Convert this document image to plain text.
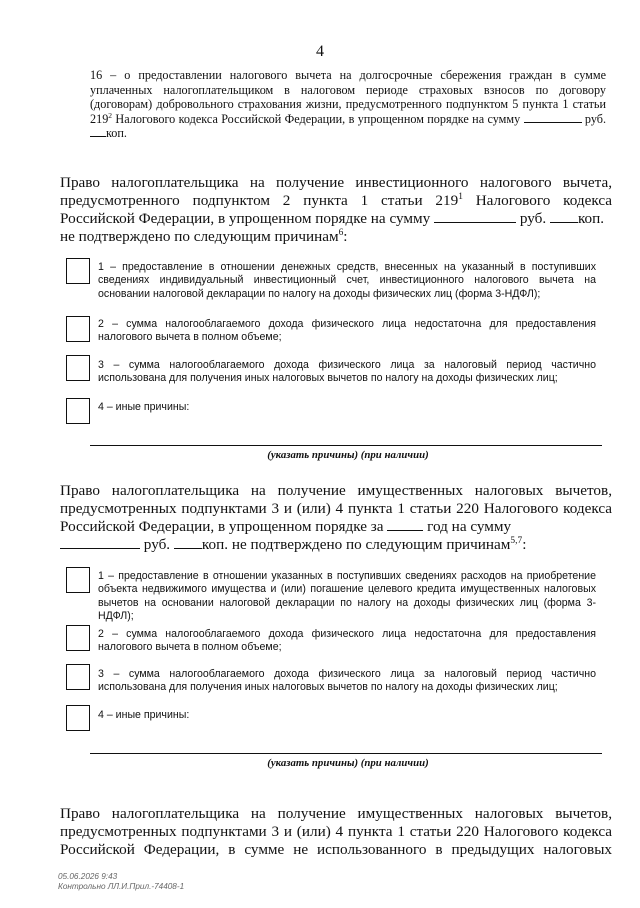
4
16 – о предоставлении налогового вычета на долгосрочные сбережения граждан в сумме уплаченных налогоплательщиком в налоговом периоде страховых взносов по договору (договорам) добровольного страхования жизни, предусмотренного подпунктом 5 пункта 1 статьи $219^2$ Налогового кодекса Российской Федерации, в упрощенном порядке на сумму	руб. коп.
Право налогоплательщика на получение инвестиционного налогового вычета, предусмотренного подпунктом 2 пункта 1 статьи $219^1$ Налогового кодекса Российской Федерации, в упрощенном порядке на сумму	руб. коп.
не подтверждено по следующим причинам$^6$:
1 – предоставление в отношении денежных средств, внесенных на указанный в поступивших сведениях индивидуальный инвестиционный счет, инвестиционного налогового вычета на основании налоговой декларации по налогу на доходы физических лиц (форма 3-НДФЛ);
2 – сумма налогооблагаемого дохода физического лица недостаточна для предоставления налогового вычета в полном объеме;
3 – сумма налогооблагаемого дохода физического лица за налоговый период частично использована для получения иных налоговых вычетов по налогу на доходы физических лиц;
4 – иные причины:
(указать причины) (при наличии)
Право налогоплательщика на получение имущественных налоговых вычетов, предусмотренных подпунктами 3 и (или) 4 пункта 1 статьи 220 Налогового кодекса Российской Федерации, в упрощенном порядке за  год на сумму
руб. коп. не подтверждено по следующим причинам$^{5,7}$:
1 – предоставление в отношении указанных в поступивших сведениях расходов на приобретение объекта недвижимого имущества и (или) погашение целевого кредита имущественных налоговых вычетов на основании налоговой декларации по налогу на доходы физических лиц (форма 3-НДФЛ);
2 – сумма налогооблагаемого дохода физического лица недостаточна для предоставления налогового вычета в полном объеме;
3 – сумма налогооблагаемого дохода физического лица за налоговый период частично использована для получения иных налоговых вычетов по налогу на доходы физических лиц;
4 – иные причины:
(указать причины) (при наличии)
Право налогоплательщика на получение имущественных налоговых вычетов, предусмотренных подпунктами 3 и (или) 4 пункта 1 статьи 220 Налогового кодекса Российской Федерации, в сумме не использованного в предыдущих налоговых
05.06.2026 9:43
Контрольно ЛЛ.И.Прил.-74408-1
